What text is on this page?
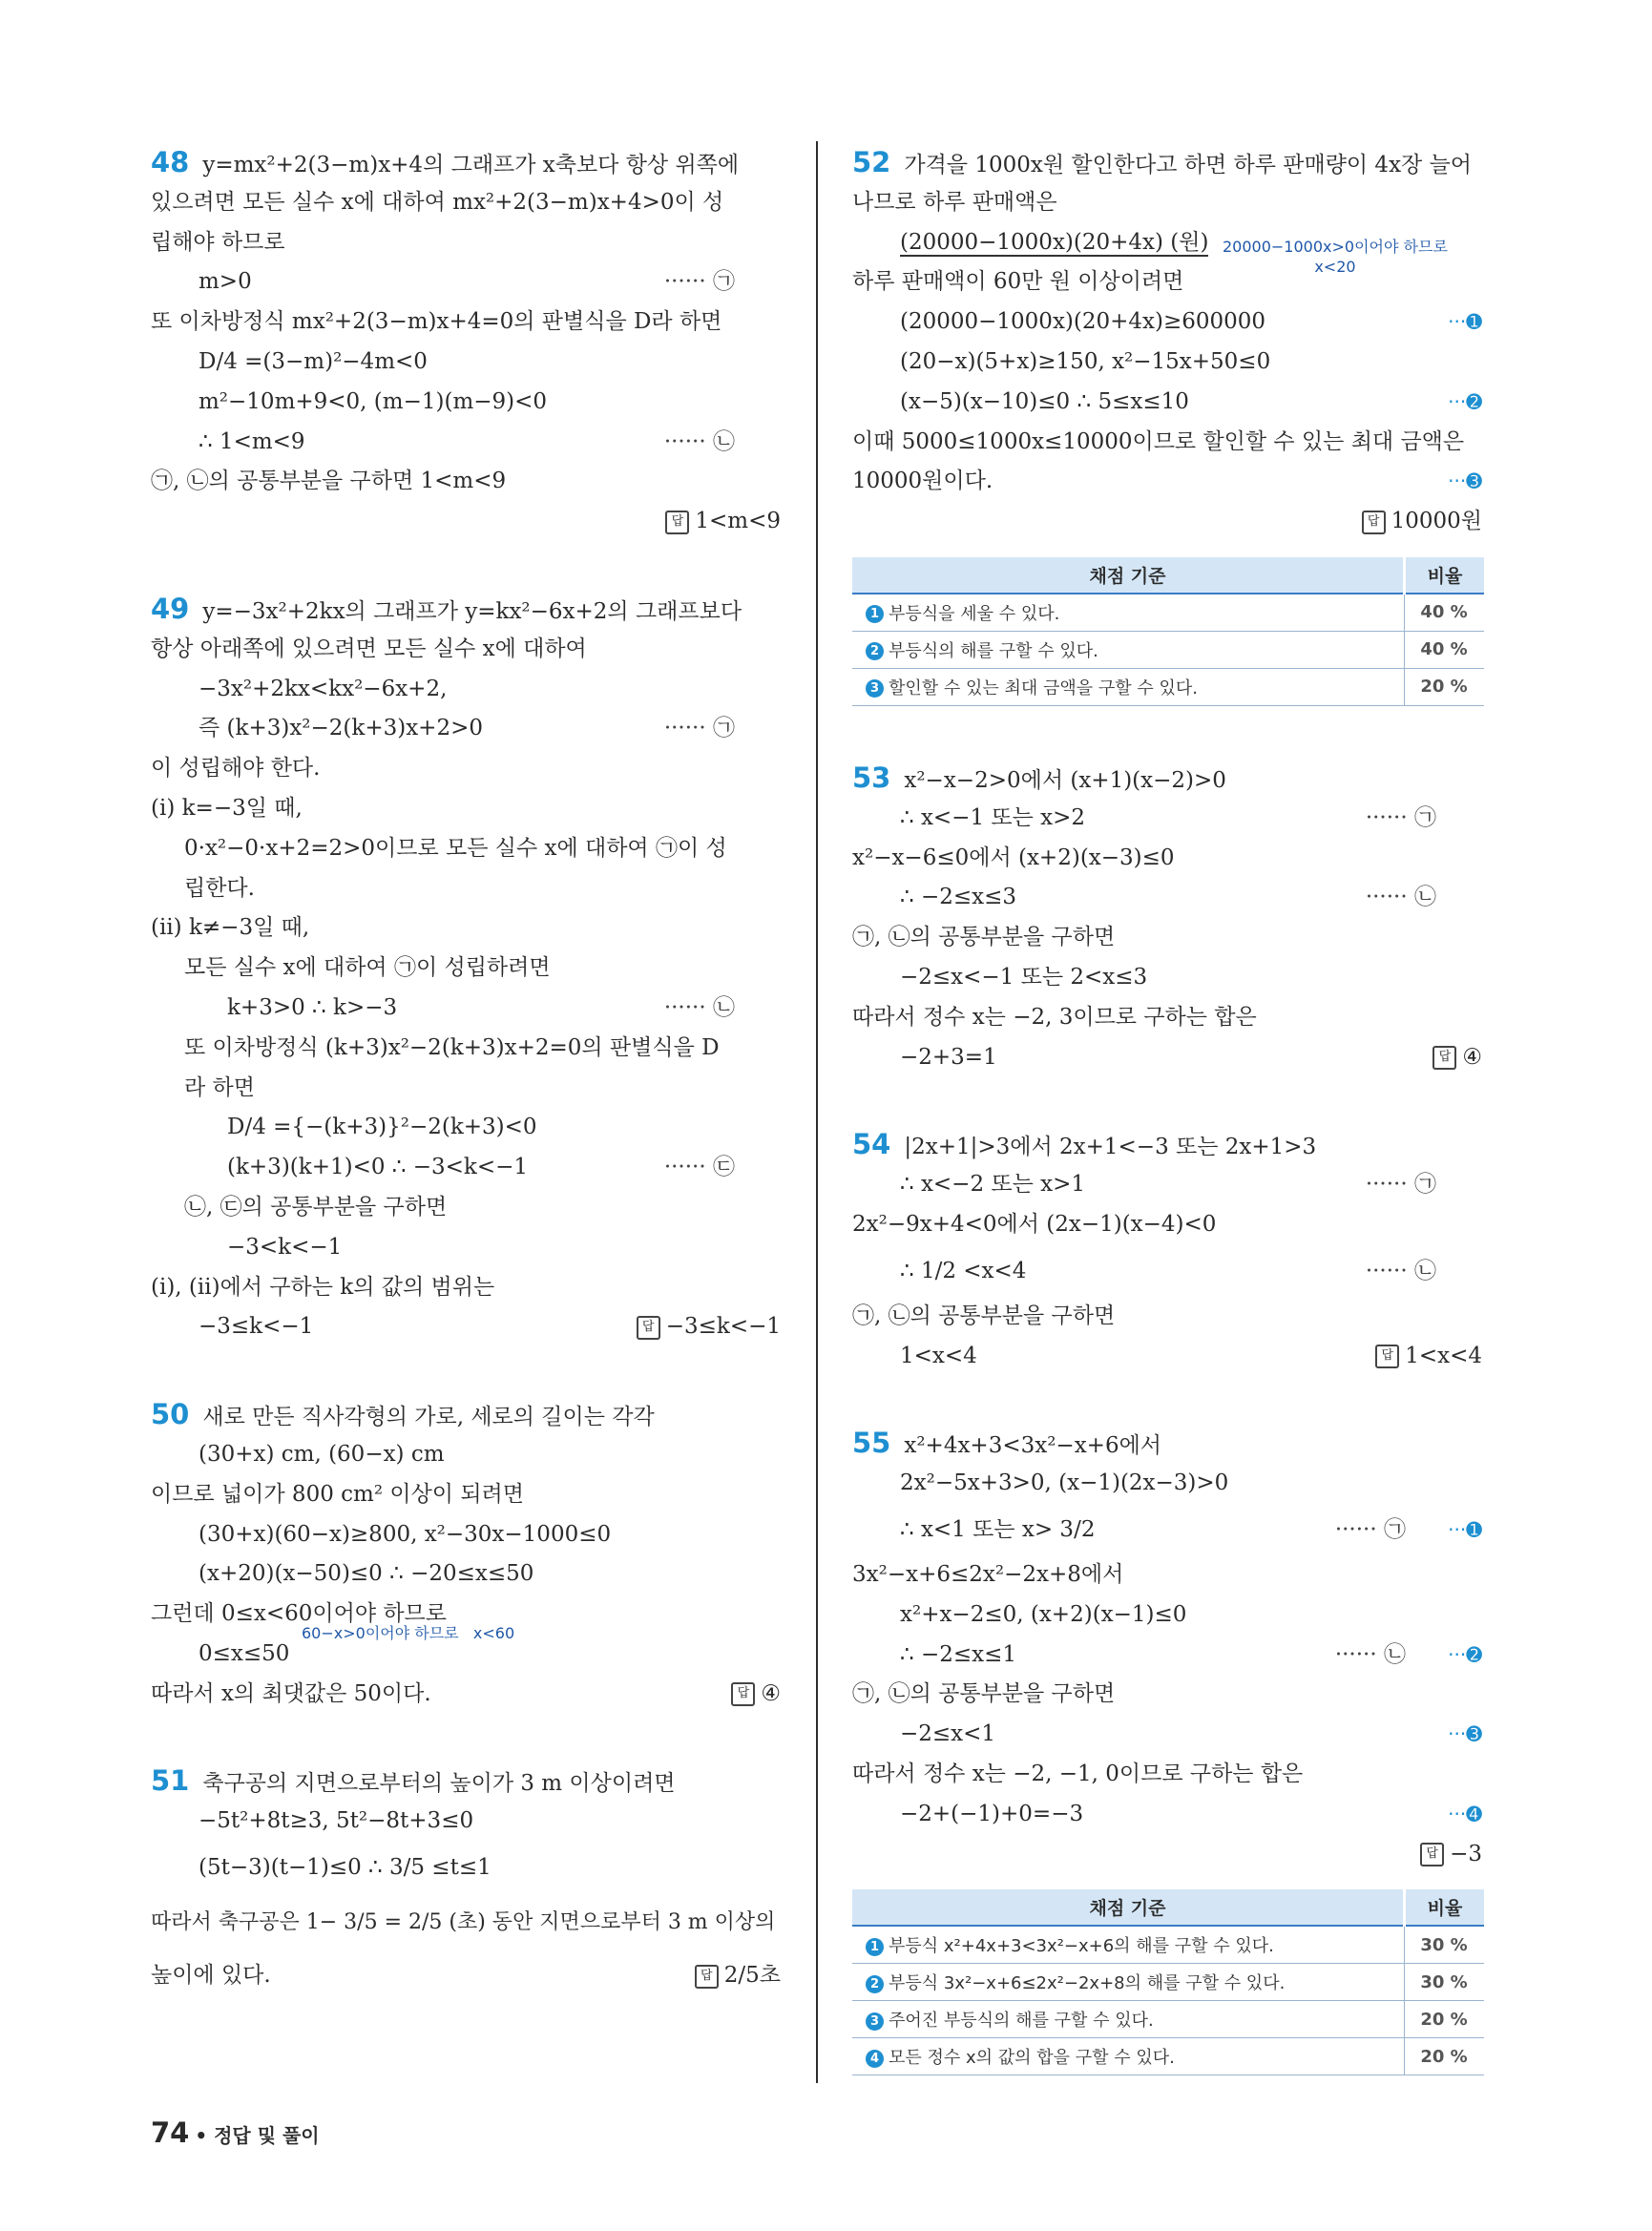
48 y=mx²+2(3−m)x+4의 그래프가 x축보다 항상 위쪽에
있으려면 모든 실수 x에 대하여 mx²+2(3−m)x+4>0이 성
립해야 하므로
m>0	······ ㉠
또 이차방정식 mx²+2(3−m)x+4=0의 판별식을 D라 하면
D/4 =(3−m)²−4m<0
m²−10m+9<0, (m−1)(m−9)<0
∴ 1<m<9	······ ㉡
㉠, ㉡의 공통부분을 구하면 1<m<9
답 1<m<9
49 y=−3x²+2kx의 그래프가 y=kx²−6x+2의 그래프보다
항상 아래쪽에 있으려면 모든 실수 x에 대하여
−3x²+2kx<kx²−6x+2,
즉 (k+3)x²−2(k+3)x+2>0	······ ㉠
이 성립해야 한다.
(ⅰ) k=−3일 때,
0·x²−0·x+2=2>0이므로 모든 실수 x에 대하여 ㉠이 성
립한다.
(ⅱ) k≠−3일 때,
모든 실수 x에 대하여 ㉠이 성립하려면
k+3>0 ∴ k>−3	······ ㉡
또 이차방정식 (k+3)x²−2(k+3)x+2=0의 판별식을 D
라 하면
D/4 ={−(k+3)}²−2(k+3)<0
(k+3)(k+1)<0 ∴ −3<k<−1	······ ㉢
㉡, ㉢의 공통부분을 구하면
−3<k<−1
(ⅰ), (ⅱ)에서 구하는 k의 값의 범위는
−3≤k<−1	답 −3≤k<−1
50 새로 만든 직사각형의 가로, 세로의 길이는 각각
(30+x) cm, (60−x) cm
이므로 넓이가 800 cm² 이상이 되려면
(30+x)(60−x)≥800, x²−30x−1000≤0
(x+20)(x−50)≤0 ∴ −20≤x≤50
그런데 0≤x<60이어야 하므로
60−x>0이어야 하므로   x<60
0≤x≤50
따라서 x의 최댓값은 50이다.	답 ④
51 축구공의 지면으로부터의 높이가 3 m 이상이려면
−5t²+8t≥3, 5t²−8t+3≤0
(5t−3)(t−1)≤0 ∴ 3/5 ≤t≤1
따라서 축구공은 1− 3/5 = 2/5 (초) 동안 지면으로부터 3 m 이상의
높이에 있다.	답 2/5초
52 가격을 1000x원 할인한다고 하면 하루 판매량이 4x장 늘어
나므로 하루 판매액은
(20000−1000x)(20+4x) (원) 20000−1000x>0이어야 하므로
x<20
하루 판매액이 60만 원 이상이려면
(20000−1000x)(20+4x)≥600000	···➊
(20−x)(5+x)≥150, x²−15x+50≤0
(x−5)(x−10)≤0 ∴ 5≤x≤10	···➋
이때 5000≤1000x≤10000이므로 할인할 수 있는 최대 금액은
10000원이다.	···➌
답 10000원
채점 기준	비율
1 부등식을 세울 수 있다.	40 %
2 부등식의 해를 구할 수 있다.	40 %
3 할인할 수 있는 최대 금액을 구할 수 있다.	20 %
53 x²−x−2>0에서 (x+1)(x−2)>0
∴ x<−1 또는 x>2	······ ㉠
x²−x−6≤0에서 (x+2)(x−3)≤0
∴ −2≤x≤3	······ ㉡
㉠, ㉡의 공통부분을 구하면
−2≤x<−1 또는 2<x≤3
따라서 정수 x는 −2, 3이므로 구하는 합은
−2+3=1	답 ④
54 |2x+1|>3에서 2x+1<−3 또는 2x+1>3
∴ x<−2 또는 x>1	······ ㉠
2x²−9x+4<0에서 (2x−1)(x−4)<0
∴ 1/2 <x<4	······ ㉡
㉠, ㉡의 공통부분을 구하면
1<x<4	답 1<x<4
55 x²+4x+3<3x²−x+6에서
2x²−5x+3>0, (x−1)(2x−3)>0
∴ x<1 또는 x> 3/2	······ ㉠ ···➊
3x²−x+6≤2x²−2x+8에서
x²+x−2≤0, (x+2)(x−1)≤0
∴ −2≤x≤1	······ ㉡ ···➋
㉠, ㉡의 공통부분을 구하면
−2≤x<1	···➌
따라서 정수 x는 −2, −1, 0이므로 구하는 합은
−2+(−1)+0=−3	···➍
답 −3
채점 기준	비율
1 부등식 x²+4x+3<3x²−x+6의 해를 구할 수 있다.	30 %
2 부등식 3x²−x+6≤2x²−2x+8의 해를 구할 수 있다.	30 %
3 주어진 부등식의 해를 구할 수 있다.	20 %
4 모든 정수 x의 값의 합을 구할 수 있다.	20 %
74 • 정답 및 풀이
